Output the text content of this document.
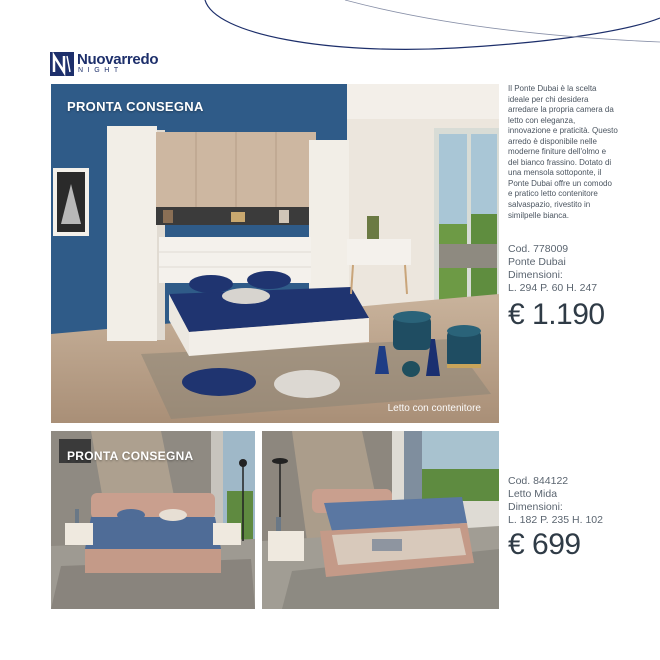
Nuovarredo
NIGHT
PRONTA CONSEGNA
Letto con contenitore

Il Ponte Dubai è la scelta ideale per chi desidera arredare la propria camera da letto con eleganza, innovazione e praticità. Questo arredo è disponibile nelle moderne finiture dell'olmo e del bianco frassino. Dotato di una mensola sottoponte, il Ponte Dubai offre un comodo e pratico letto contenitore salvaspazio, rivestito in similpelle bianca.

Cod. 778009
Ponte Dubai
Dimensioni:
L. 294 P. 60 H. 247
€ 1.190
PRONTA CONSEGNA
Cod. 844122
Letto Mida
Dimensioni:
L. 182 P. 235 H. 102
€ 699
